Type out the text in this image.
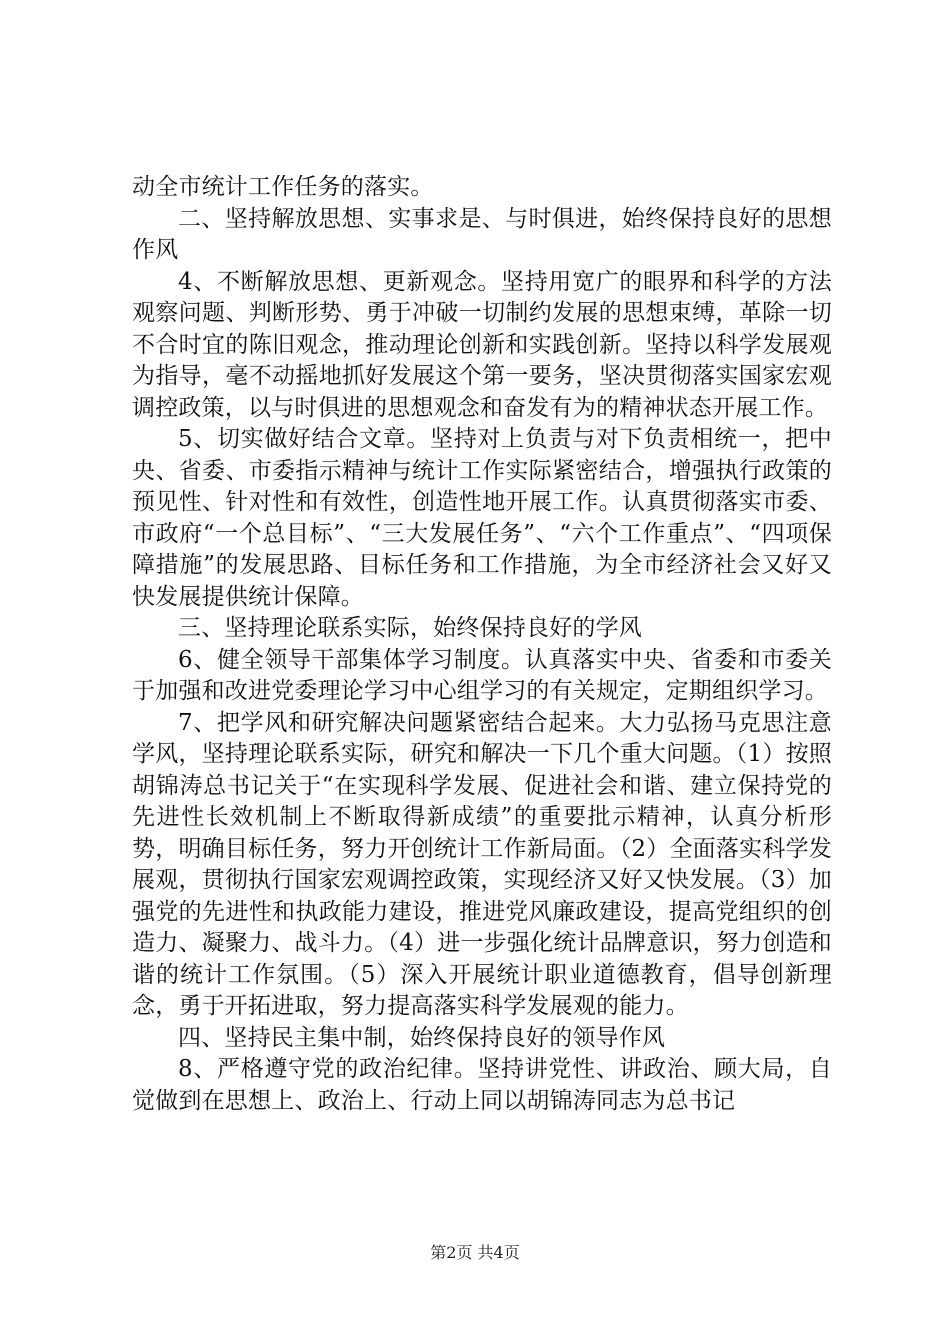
动全市统计工作任务的落实。

二、坚持解放思想、实事求是、与时俱进，始终保持良好的思想作风

4、不断解放思想、更新观念。坚持用宽广的眼界和科学的方法观察问题、判断形势、勇于冲破一切制约发展的思想束缚，革除一切不合时宜的陈旧观念，推动理论创新和实践创新。坚持以科学发展观为指导，毫不动摇地抓好发展这个第一要务，坚决贯彻落实国家宏观调控政策，以与时俱进的思想观念和奋发有为的精神状态开展工作。

5、切实做好结合文章。坚持对上负责与对下负责相统一，把中央、省委、市委指示精神与统计工作实际紧密结合，增强执行政策的预见性、针对性和有效性，创造性地开展工作。认真贯彻落实市委、市政府“一个总目标”、“三大发展任务”、“六个工作重点”、“四项保障措施”的发展思路、目标任务和工作措施，为全市经济社会又好又快发展提供统计保障。

三、坚持理论联系实际，始终保持良好的学风

6、健全领导干部集体学习制度。认真落实中央、省委和市委关于加强和改进党委理论学习中心组学习的有关规定，定期组织学习。

7、把学风和研究解决问题紧密结合起来。大力弘扬马克思注意学风，坚持理论联系实际，研究和解决一下几个重大问题。（1）按照胡锦涛总书记关于“在实现科学发展、促进社会和谐、建立保持党的先进性长效机制上不断取得新成绩”的重要批示精神，认真分析形势，明确目标任务，努力开创统计工作新局面。（2）全面落实科学发展观，贯彻执行国家宏观调控政策，实现经济又好又快发展。（3）加强党的先进性和执政能力建设，推进党风廉政建设，提高党组织的创造力、凝聚力、战斗力。（4）进一步强化统计品牌意识，努力创造和谐的统计工作氛围。（5）深入开展统计职业道德教育，倡导创新理念，勇于开拓进取，努力提高落实科学发展观的能力。

四、坚持民主集中制，始终保持良好的领导作风

8、严格遵守党的政治纪律。坚持讲党性、讲政治、顾大局，自觉做到在思想上、政治上、行动上同以胡锦涛同志为总书记

第2页 共4页
